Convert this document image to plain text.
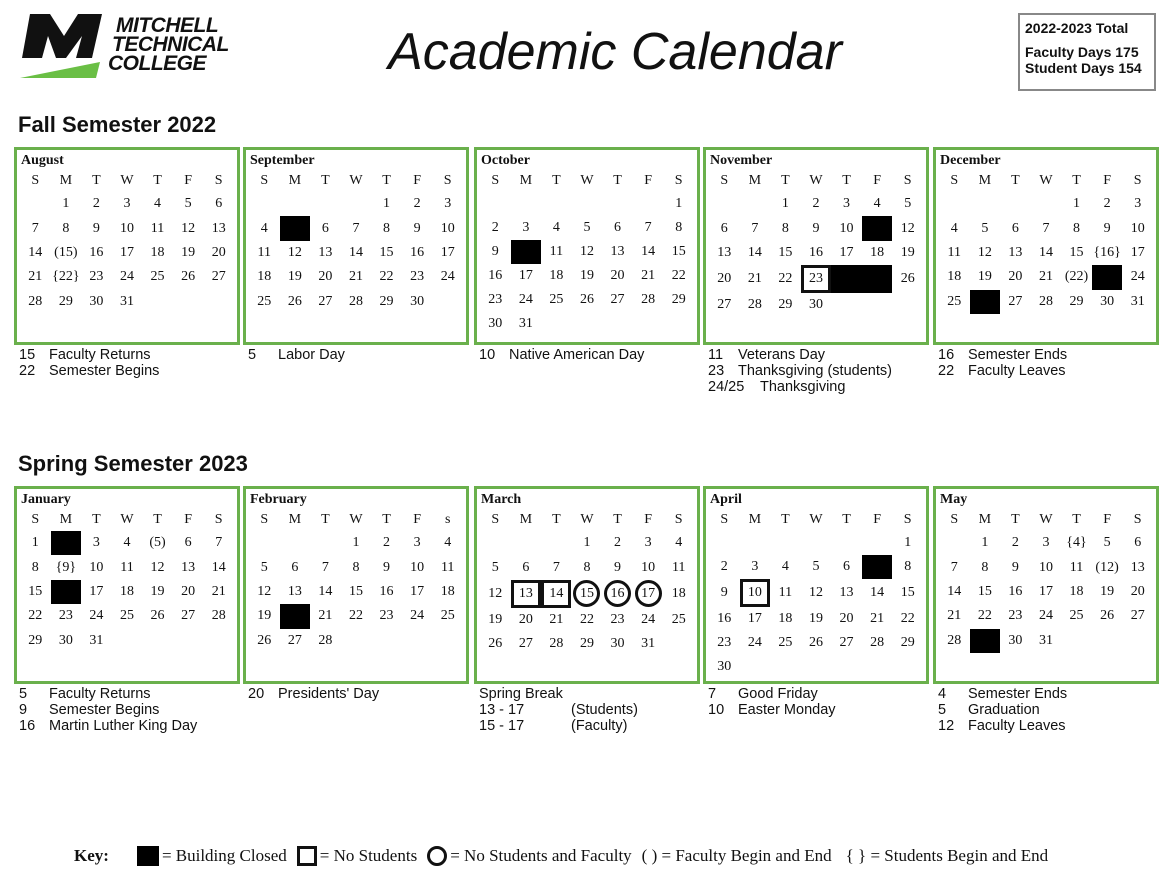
MITCHELL
TECHNICAL
COLLEGE	Academic Calendar	2022-2023 Total
Faculty Days 175
Student Days 154
Fall Semester 2022
Spring Semester 2023
August
S	M	T	W	T	F	S
	1	2	3	4	5	6
7	8	9	10	11	12	13
14	(15)	16	17	18	19	20
21	{22}	23	24	25	26	27
28	29	30	31			
15 Faculty Returns
22 Semester Begins
September
S	M	T	W	T	F	S
				1	2	3
4	5	6	7	8	9	10
11	12	13	14	15	16	17
18	19	20	21	22	23	24
25	26	27	28	29	30	
5 Labor Day
October
S	M	T	W	T	F	S
						1
2	3	4	5	6	7	8
9	10	11	12	13	14	15
16	17	18	19	20	21	22
23	24	25	26	27	28	29
30	31					
10 Native American Day
November
S	M	T	W	T	F	S
		1	2	3	4	5
6	7	8	9	10	11	12
13	14	15	16	17	18	19
20	21	22	23	24	25	26
27	28	29	30			
11 Veterans Day
23 Thanksgiving (students)
24/25 Thanksgiving
December
S	M	T	W	T	F	S
				1	2	3
4	5	6	7	8	9	10
11	12	13	14	15	{16}	17
18	19	20	21	(22)	23	24
25	26	27	28	29	30	31
16 Semester Ends
22 Faculty Leaves
January
S	M	T	W	T	F	S
1	2	3	4	(5)	6	7
8	{9}	10	11	12	13	14
15	16	17	18	19	20	21
22	23	24	25	26	27	28
29	30	31				
5 Faculty Returns
9 Semester Begins
16 Martin Luther King Day
February
S	M	T	W	T	F	s
			1	2	3	4
5	6	7	8	9	10	11
12	13	14	15	16	17	18
19	20	21	22	23	24	25
26	27	28				
20 Presidents' Day
March
S	M	T	W	T	F	S
			1	2	3	4
5	6	7	8	9	10	11
12	13	14	15	16	17	18
19	20	21	22	23	24	25
26	27	28	29	30	31	
Spring Break
13 - 17	(Students)
15 - 17	(Faculty)
April
S	M	T	W	T	F	S
						1
2	3	4	5	6	7	8
9	10	11	12	13	14	15
16	17	18	19	20	21	22
23	24	25	26	27	28	29
30						
7 Good Friday
10 Easter Monday
May
S	M	T	W	T	F	S
	1	2	3	{4}	5	6
7	8	9	10	11	(12)	13
14	15	16	17	18	19	20
21	22	23	24	25	26	27
28	29	30	31			
4 Semester Ends
5 Graduation
12 Faculty Leaves
Key:	= Building Closed = No Students = No Students and Faculty ( ) = Faculty Begin and End { } = Students Begin and End
